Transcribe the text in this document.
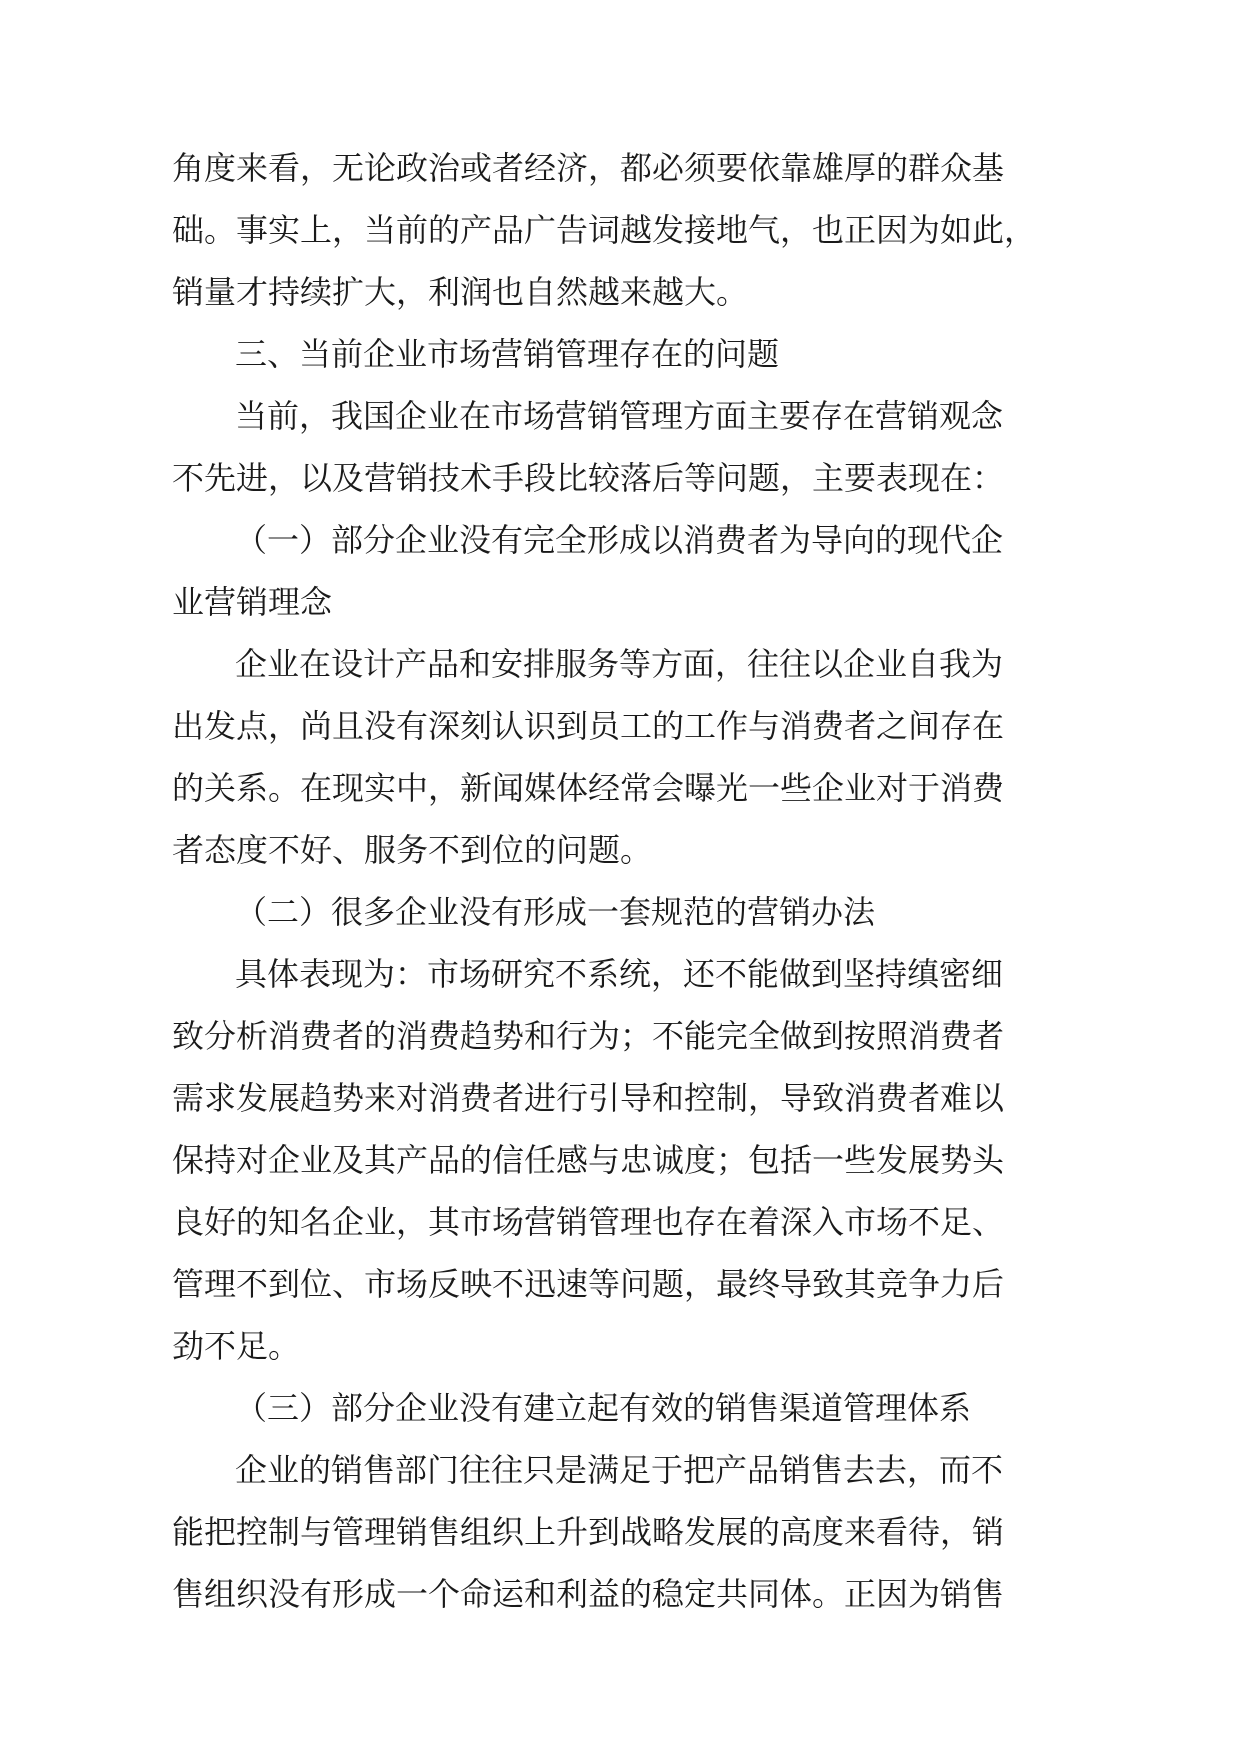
角度来看，无论政治或者经济，都必须要依靠雄厚的群众基
础。事实上，当前的产品广告词越发接地气，也正因为如此，
销量才持续扩大，利润也自然越来越大。
三、当前企业市场营销管理存在的问题
当前，我国企业在市场营销管理方面主要存在营销观念
不先进，以及营销技术手段比较落后等问题，主要表现在：
（一）部分企业没有完全形成以消费者为导向的现代企
业营销理念
企业在设计产品和安排服务等方面，往往以企业自我为
出发点，尚且没有深刻认识到员工的工作与消费者之间存在
的关系。在现实中，新闻媒体经常会曝光一些企业对于消费
者态度不好、服务不到位的问题。
（二）很多企业没有形成一套规范的营销办法
具体表现为：市场研究不系统，还不能做到坚持缜密细
致分析消费者的消费趋势和行为；不能完全做到按照消费者
需求发展趋势来对消费者进行引导和控制，导致消费者难以
保持对企业及其产品的信任感与忠诚度；包括一些发展势头
良好的知名企业，其市场营销管理也存在着深入市场不足、
管理不到位、市场反映不迅速等问题，最终导致其竞争力后
劲不足。
（三）部分企业没有建立起有效的销售渠道管理体系
企业的销售部门往往只是满足于把产品销售去去，而不
能把控制与管理销售组织上升到战略发展的高度来看待，销
售组织没有形成一个命运和利益的稳定共同体。正因为销售
